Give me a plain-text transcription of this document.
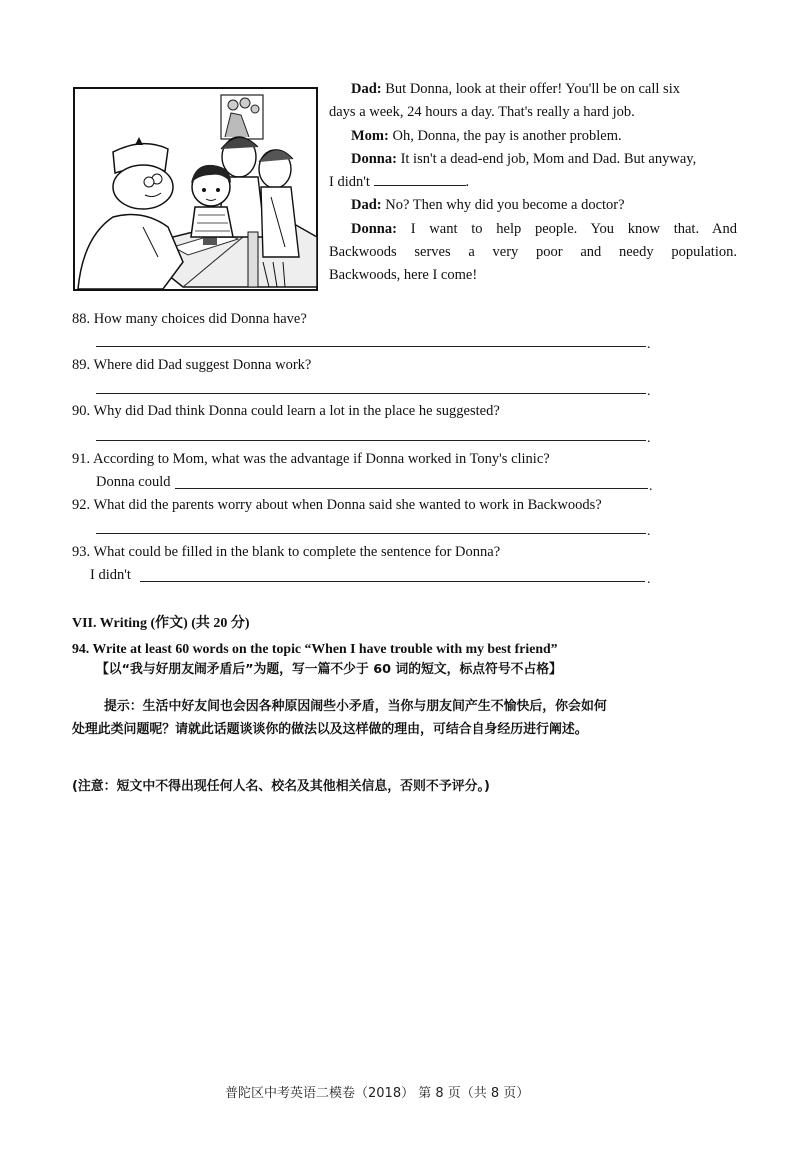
Dad: But Donna, look at their offer! You'll be on call six

days a week, 24 hours a day. That's really a hard job.

Mom: Oh, Donna, the pay is another problem.

Donna: It isn't a dead-end job, Mom and Dad. But anyway,

I didn't	.

Dad: No? Then why did you become a doctor?

Donna: I want to help people. You know that. And

Backwoods serves a very poor and needy population.

Backwoods, here I come!

88. How many choices did Donna have?
.
89. Where did Dad suggest Donna work?
.
90. Why did Dad think Donna could learn a lot in the place he suggested?
.
91. According to Mom, what was the advantage if Donna worked in Tony's clinic?
Donna could	.
92. What did the parents worry about when Donna said she wanted to work in Backwoods?
.
93. What could be filled in the blank to complete the sentence for Donna?
I didn't	.
VII. Writing (作文) (共 20 分)
94. Write at least 60 words on the topic “When I have trouble with my best friend”
【以“我与好朋友闹矛盾后”为题，写一篇不少于 60 词的短文，标点符号不占格】
提示：生活中好友间也会因各种原因闹些小矛盾，当你与朋友间产生不愉快后，你会如何
处理此类问题呢？请就此话题谈谈你的做法以及这样做的理由，可结合自身经历进行阐述。
(注意：短文中不得出现任何人名、校名及其他相关信息，否则不予评分。)
普陀区中考英语二模卷（2018） 第 8 页（共 8 页）
